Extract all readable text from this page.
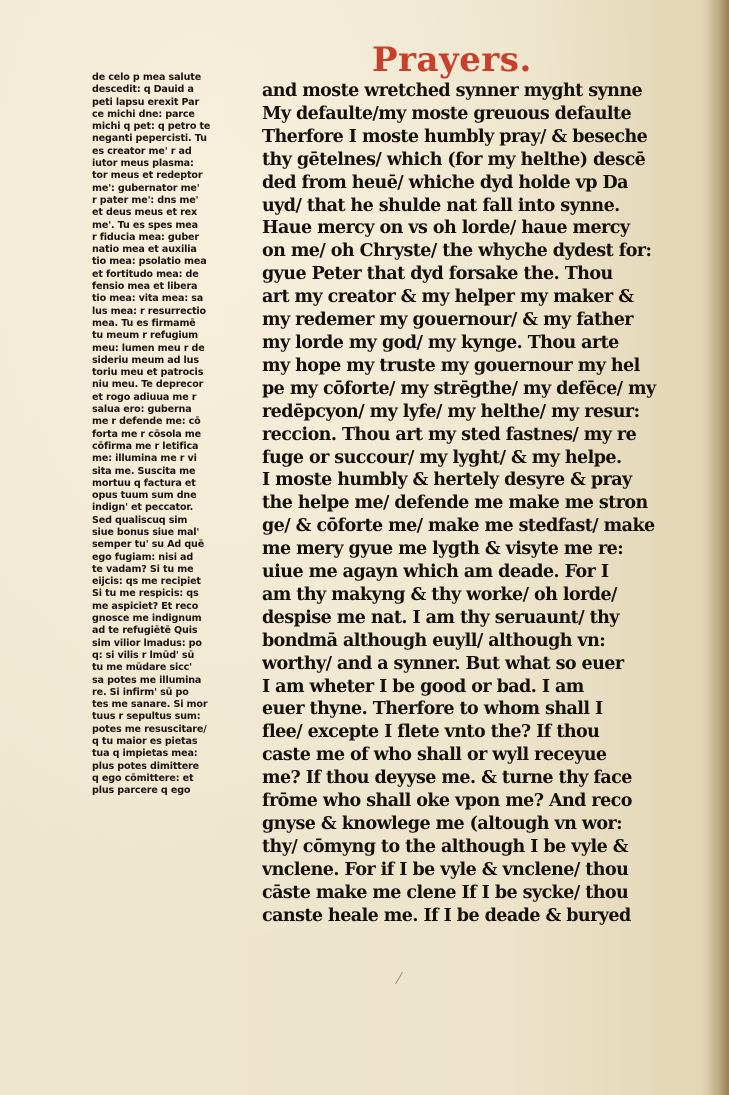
Prayers.
de celo p mea salute
descedit: q Dauid a
peti lapsu erexit Par
ce michi dne: parce
michi q pet: q petro te
neganti pepercisti. Tu
es creator me' r ad
iutor meus plasma:
tor meus et redeptor
me': gubernator me'
r pater me': dns me'
et deus meus et rex
me'. Tu es spes mea
r fiducia mea: guber
natio mea et auxilia
tio mea: psolatio mea
et fortitudo mea: de
fensio mea et libera
tio mea: vita mea: sa
lus mea: r resurrectio
mea. Tu es firmamē
tu meum r refugium
meu: lumen meu r de
sideriu meum ad lus
toriu meu et patrocis
niu meu. Te deprecor
et rogo adiuua me r
salua ero: guberna
me r defende me: cō
forta me r cōsola me
cōfirma me r letifica
me: illumina me r vi
sita me. Suscita me
mortuu q factura et
opus tuum sum dne
indign' et peccator.
Sed qualiscuq sim
siue bonus siue mal'
semper tu' su Ad quē
ego fugiam: nisi ad
te vadam? Si tu me
eijcis: qs me recipiet
Si tu me respicis: qs
me aspiciet? Et reco
gnosce me indignum
ad te refugiētē Quis
sim vilior lmadus: po
q: si vilis r lmūd' sū
tu me mūdare sicc'
sa potes me illumina
re. Si infirm' sū po
tes me sanare. Si mor
tuus r sepultus sum:
potes me resuscitare/
q tu maior es pietas
tua q impietas mea:
plus potes dimittere
q ego cōmittere: et
plus parcere q ego
and moste wretched synner myght synne
My defaulte/my moste greuous defaulte
Therfore I moste humbly pray/ & beseche
thy gētelnes/ which (for my helthe) descē
ded from heuē/ whiche dyd holde vp Da
uyd/ that he shulde nat fall into synne.
Haue mercy on vs oh lorde/ haue mercy
on me/ oh Chryste/ the whyche dydest for:
gyue Peter that dyd forsake the. Thou
art my creator & my helper my maker &
my redemer my gouernour/ & my father
my lorde my god/ my kynge. Thou arte
my hope my truste my gouernour my hel
pe my cōforte/ my strēgthe/ my defēce/ my
redēpcyon/ my lyfe/ my helthe/ my resur:
reccion. Thou art my sted fastnes/ my re
fuge or succour/ my lyght/ & my helpe.
I moste humbly & hertely desyre & pray
the helpe me/ defende me make me stron
ge/ & cōforte me/ make me stedfast/ make
me mery gyue me lygth & visyte me re:
uiue me agayn which am deade. For I
am thy makyng & thy worke/ oh lorde/
despise me nat. I am thy seruaunt/ thy
bondmā although euyll/ although vn:
worthy/ and a synner. But what so euer
I am wheter I be good or bad. I am
euer thyne. Therfore to whom shall I
flee/ excepte I flete vnto the? If thou
caste me of who shall or wyll receyue
me? If thou deyyse me. & turne thy face
frōme who shall oke vpon me? And reco
gnyse & knowlege me (altough vn wor:
thy/ cōmyng to the although I be vyle &
vnclene. For if I be vyle & vnclene/ thou
cāste make me clene If I be sycke/ thou
canste heale me. If I be deade & buryed
